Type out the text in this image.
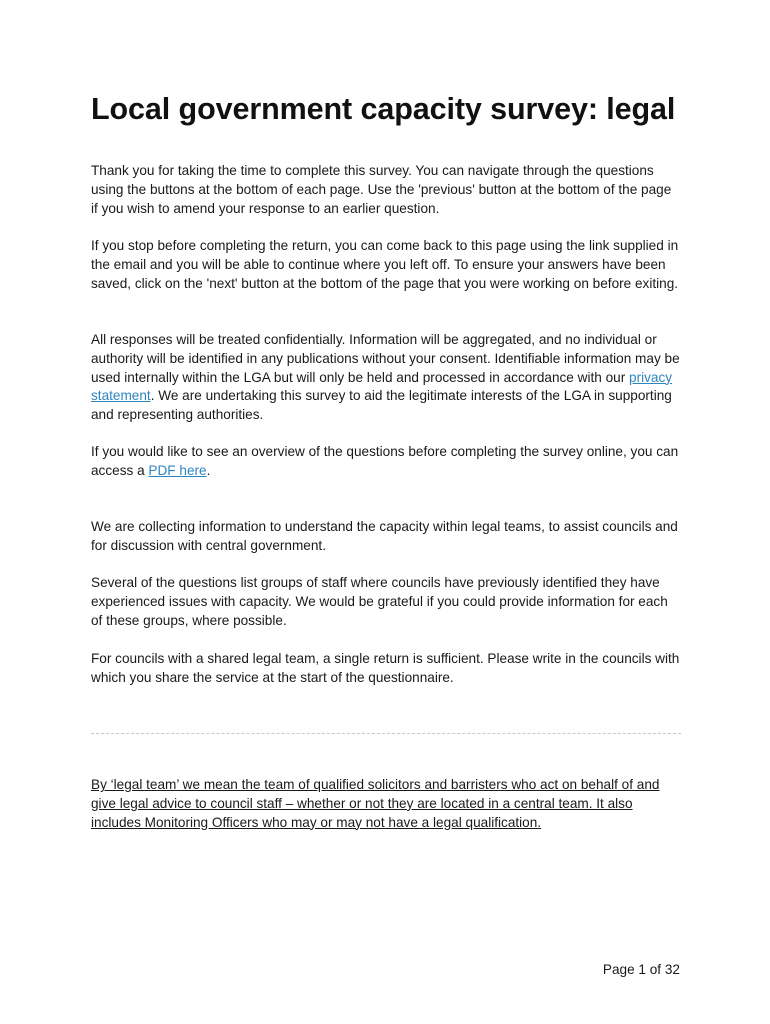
Local government capacity survey: legal

Thank you for taking the time to complete this survey. You can navigate through the questions using the buttons at the bottom of each page. Use the 'previous' button at the bottom of the page if you wish to amend your response to an earlier question.

If you stop before completing the return, you can come back to this page using the link supplied in the email and you will be able to continue where you left off. To ensure your answers have been saved, click on the 'next' button at the bottom of the page that you were working on before exiting.

All responses will be treated confidentially. Information will be aggregated, and no individual or authority will be identified in any publications without your consent. Identifiable information may be used internally within the LGA but will only be held and processed in accordance with our privacy statement. We are undertaking this survey to aid the legitimate interests of the LGA in supporting and representing authorities.

If you would like to see an overview of the questions before completing the survey online, you can access a PDF here.

We are collecting information to understand the capacity within legal teams, to assist councils and for discussion with central government.

Several of the questions list groups of staff where councils have previously identified they have experienced issues with capacity. We would be grateful if you could provide information for each of these groups, where possible.

For councils with a shared legal team, a single return is sufficient. Please write in the councils with which you share the service at the start of the questionnaire.

By ‘legal team’ we mean the team of qualified solicitors and barristers who act on behalf of and give legal advice to council staff – whether or not they are located in a central team. It also includes Monitoring Officers who may or may not have a legal qualification.

Page 1 of 32
